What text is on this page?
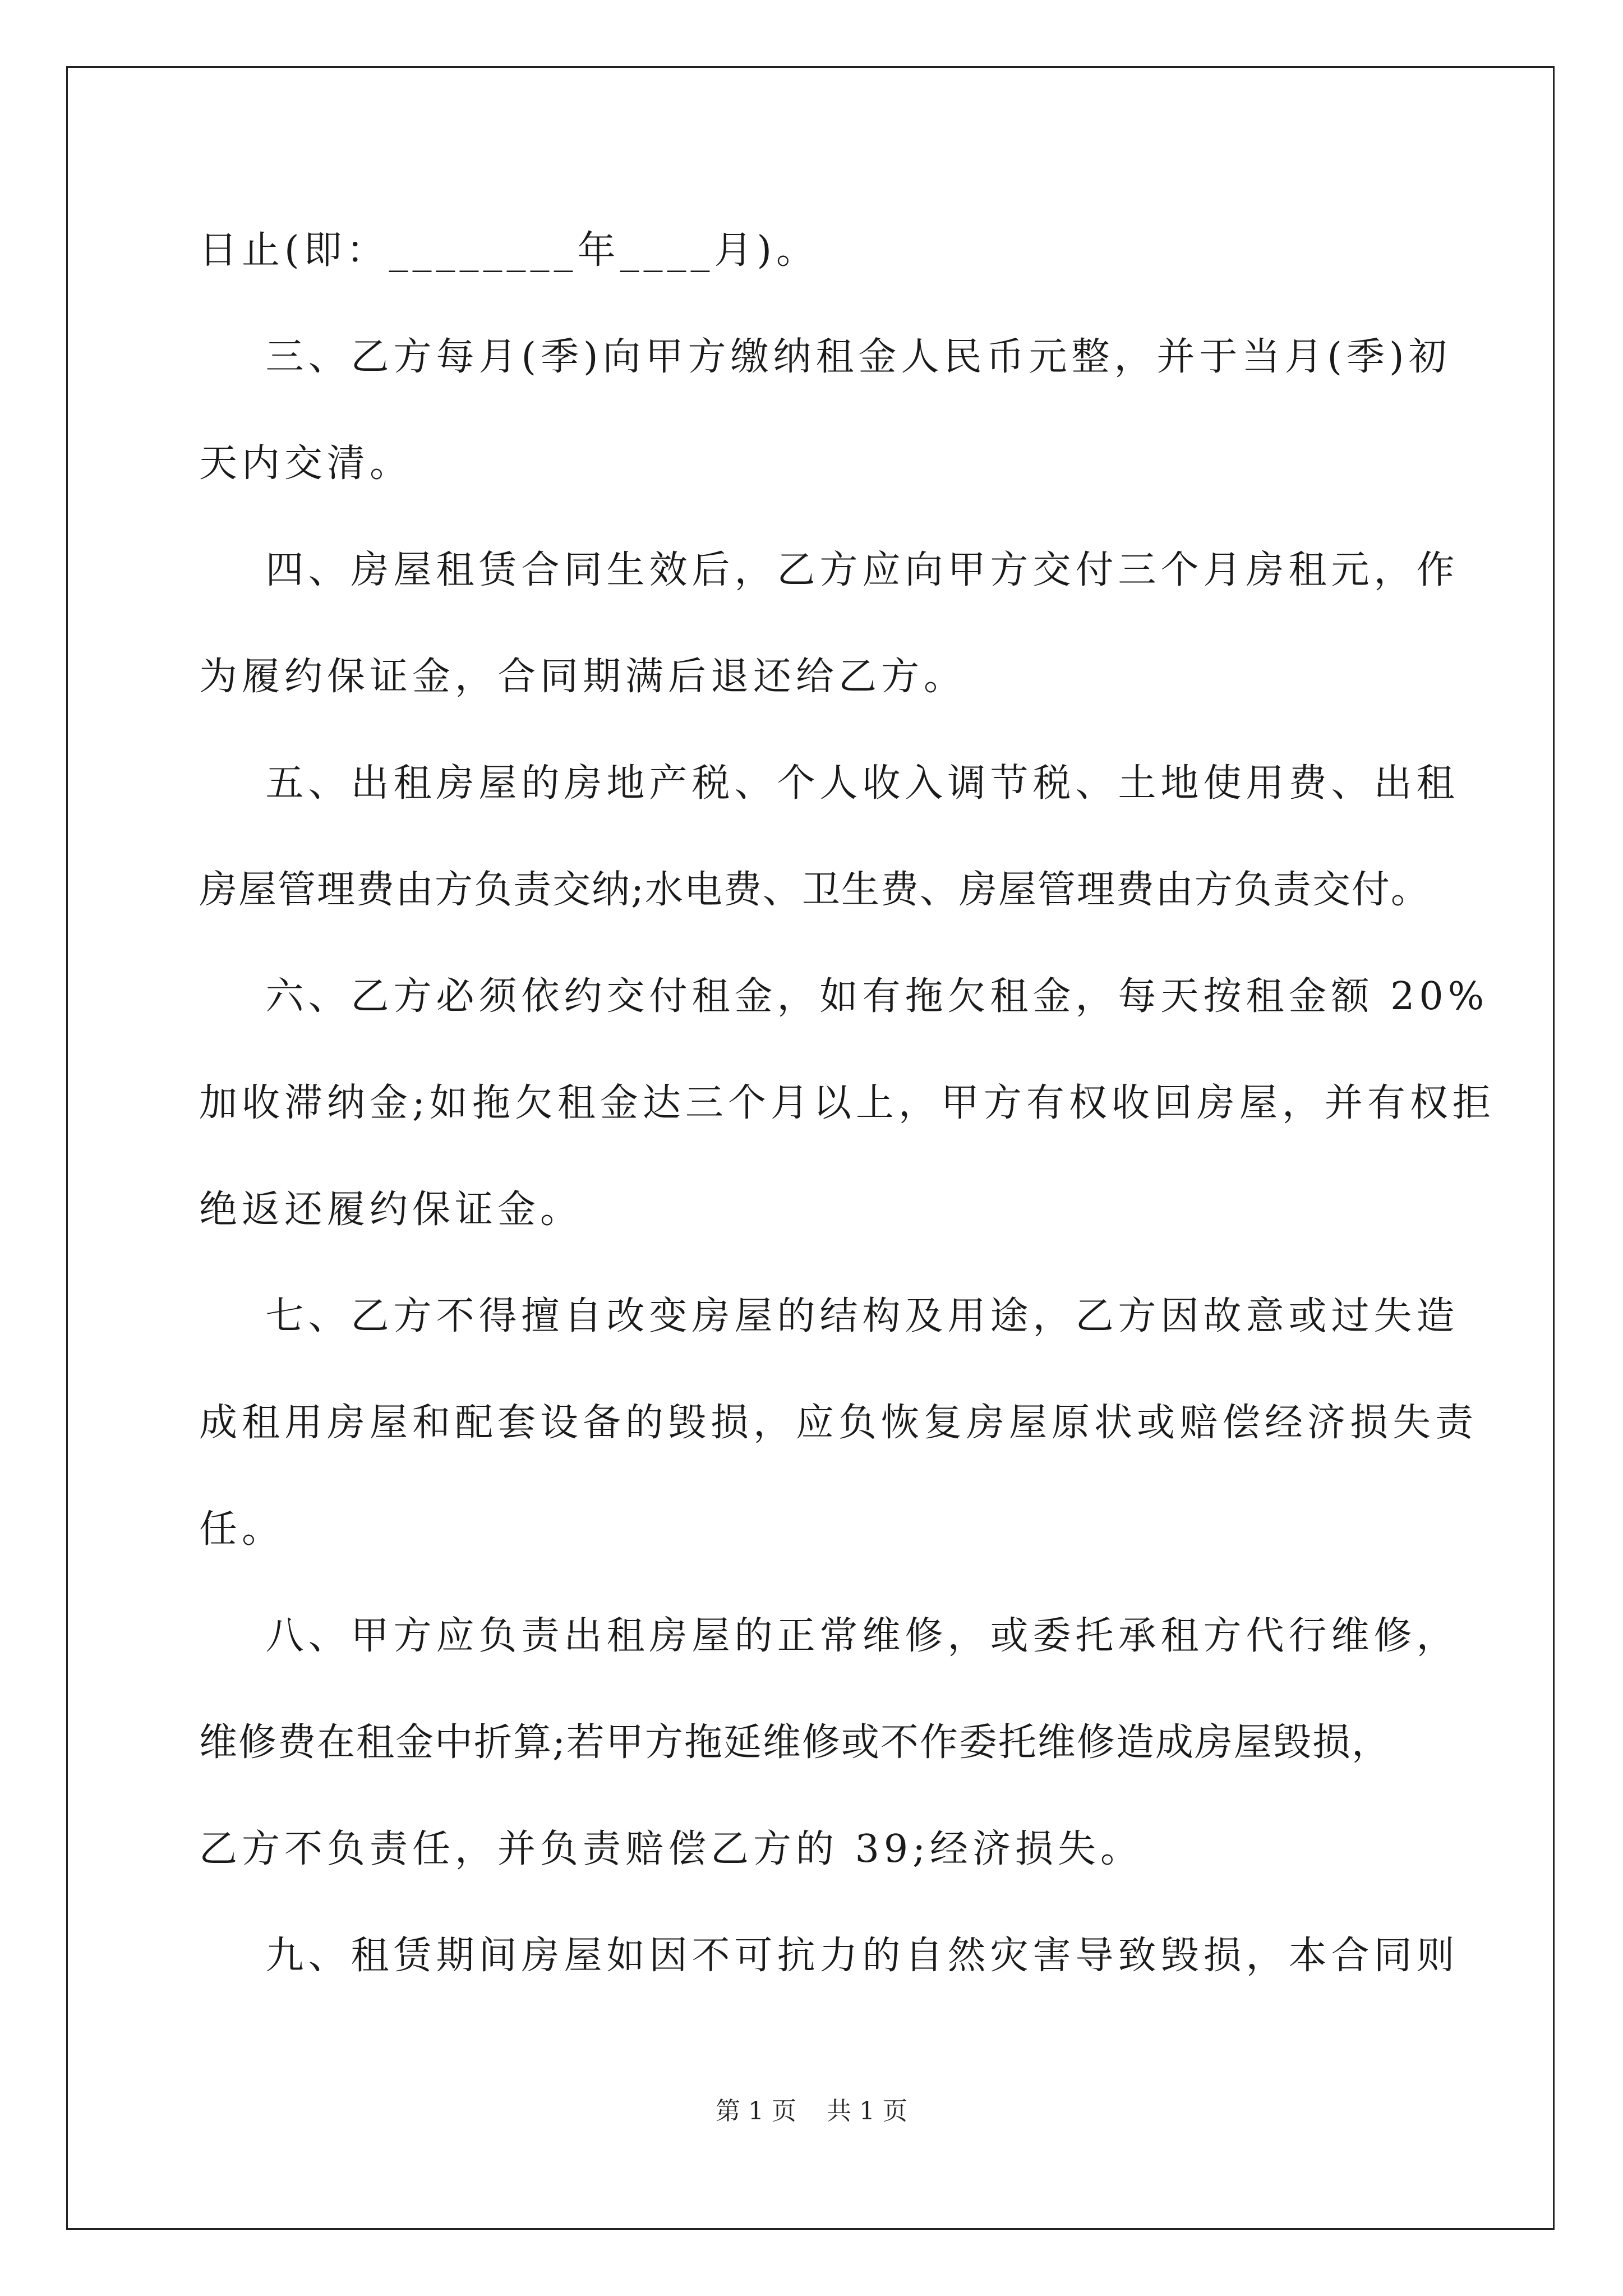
日止(即：________年____月)。
三、乙方每月(季)向甲方缴纳租金人民币元整，并于当月(季)初
天内交清。
四、房屋租赁合同生效后，乙方应向甲方交付三个月房租元，作
为履约保证金，合同期满后退还给乙方。
五、出租房屋的房地产税、个人收入调节税、土地使用费、出租
房屋管理费由方负责交纳;水电费、卫生费、房屋管理费由方负责交付。
六、乙方必须依约交付租金，如有拖欠租金，每天按租金额 20%
加收滞纳金;如拖欠租金达三个月以上，甲方有权收回房屋，并有权拒
绝返还履约保证金。
七、乙方不得擅自改变房屋的结构及用途，乙方因故意或过失造
成租用房屋和配套设备的毁损，应负恢复房屋原状或赔偿经济损失责
任。
八、甲方应负责出租房屋的正常维修，或委托承租方代行维修，
维修费在租金中折算;若甲方拖延维修或不作委托维修造成房屋毁损，
乙方不负责任，并负责赔偿乙方的 39;经济损失。
九、租赁期间房屋如因不可抗力的自然灾害导致毁损，本合同则
第 1 页 共 1 页
